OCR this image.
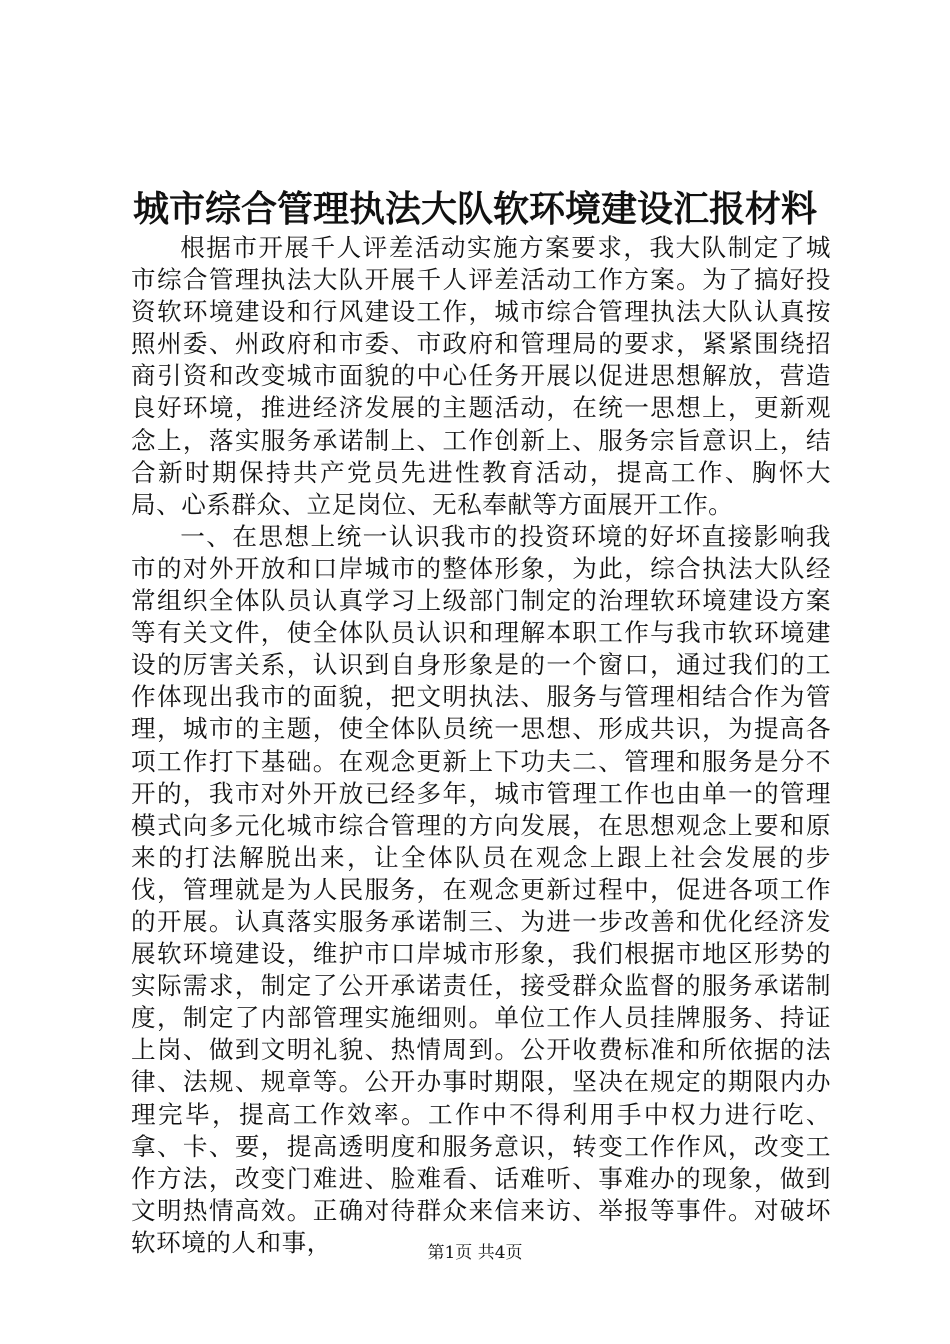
城市综合管理执法大队软环境建设汇报材料

根据市开展千人评差活动实施方案要求，我大队制定了城市综合管理执法大队开展千人评差活动工作方案。为了搞好投资软环境建设和行风建设工作，城市综合管理执法大队认真按照州委、州政府和市委、市政府和管理局的要求，紧紧围绕招商引资和改变城市面貌的中心任务开展以促进思想解放，营造良好环境，推进经济发展的主题活动，在统一思想上，更新观念上，落实服务承诺制上、工作创新上、服务宗旨意识上，结合新时期保持共产党员先进性教育活动，提高工作、胸怀大局、心系群众、立足岗位、无私奉献等方面展开工作。

一、在思想上统一认识我市的投资环境的好坏直接影响我市的对外开放和口岸城市的整体形象，为此，综合执法大队经常组织全体队员认真学习上级部门制定的治理软环境建设方案等有关文件，使全体队员认识和理解本职工作与我市软环境建设的厉害关系，认识到自身形象是的一个窗口，通过我们的工作体现出我市的面貌，把文明执法、服务与管理相结合作为管理，城市的主题，使全体队员统一思想、形成共识，为提高各项工作打下基础。在观念更新上下功夫二、管理和服务是分不开的，我市对外开放已经多年，城市管理工作也由单一的管理模式向多元化城市综合管理的方向发展，在思想观念上要和原来的打法解脱出来，让全体队员在观念上跟上社会发展的步伐，管理就是为人民服务，在观念更新过程中，促进各项工作的开展。认真落实服务承诺制三、为进一步改善和优化经济发展软环境建设，维护市口岸城市形象，我们根据市地区形势的实际需求，制定了公开承诺责任，接受群众监督的服务承诺制度，制定了内部管理实施细则。单位工作人员挂牌服务、持证上岗、做到文明礼貌、热情周到。公开收费标准和所依据的法律、法规、规章等。公开办事时期限，坚决在规定的期限内办理完毕，提高工作效率。工作中不得利用手中权力进行吃、拿、卡、要，提高透明度和服务意识，转变工作作风，改变工作方法，改变门难进、脸难看、话难听、事难办的现象，做到文明热情高效。正确对待群众来信来访、举报等事件。对破坏软环境的人和事，	第1页 共4页
